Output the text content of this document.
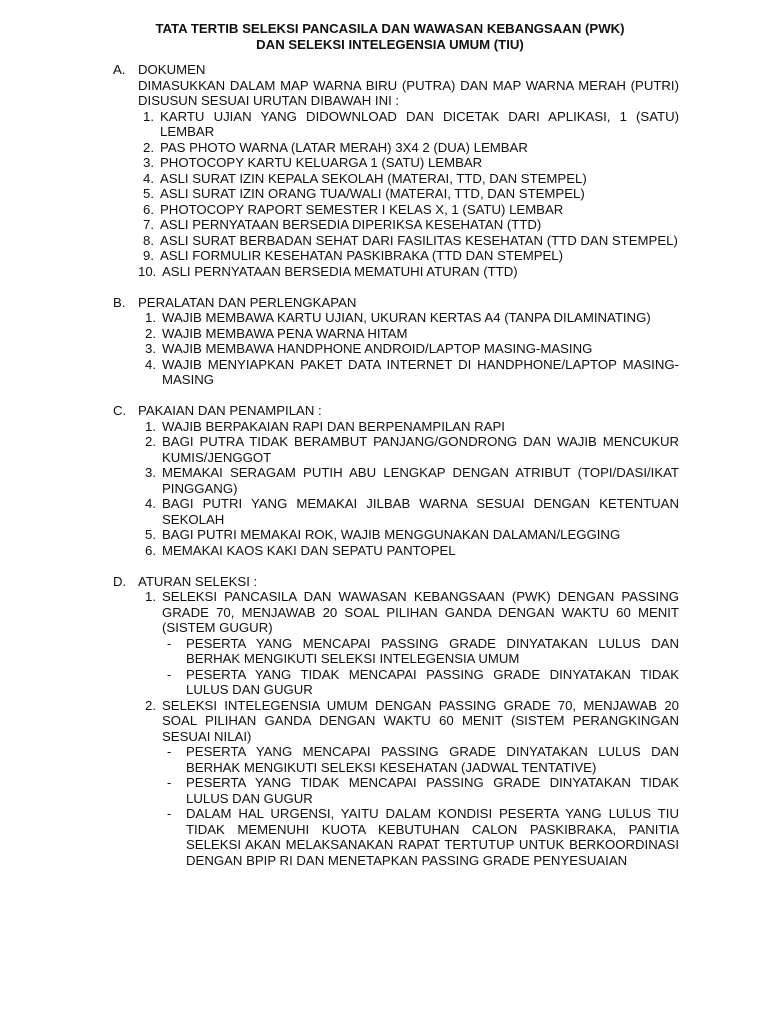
TATA TERTIB SELEKSI PANCASILA DAN WAWASAN KEBANGSAAN (PWK)
DAN SELEKSI INTELEGENSIA UMUM (TIU)
A. DOKUMEN
DIMASUKKAN DALAM MAP WARNA BIRU (PUTRA) DAN MAP WARNA MERAH (PUTRI) DISUSUN SESUAI URUTAN DIBAWAH INI :
1. KARTU UJIAN YANG DIDOWNLOAD DAN DICETAK DARI APLIKASI, 1 (SATU) LEMBAR
2. PAS PHOTO WARNA (LATAR MERAH) 3X4 2 (DUA) LEMBAR
3. PHOTOCOPY KARTU KELUARGA 1 (SATU) LEMBAR
4. ASLI SURAT IZIN KEPALA SEKOLAH (MATERAI, TTD, DAN STEMPEL)
5. ASLI SURAT IZIN ORANG TUA/WALI (MATERAI, TTD, DAN STEMPEL)
6. PHOTOCOPY RAPORT SEMESTER I KELAS X, 1 (SATU) LEMBAR
7. ASLI PERNYATAAN BERSEDIA DIPERIKSA KESEHATAN (TTD)
8. ASLI SURAT BERBADAN SEHAT DARI FASILITAS KESEHATAN (TTD DAN STEMPEL)
9. ASLI FORMULIR KESEHATAN PASKIBRAKA (TTD DAN STEMPEL)
10. ASLI PERNYATAAN BERSEDIA MEMATUHI ATURAN (TTD)
B. PERALATAN DAN PERLENGKAPAN
1. WAJIB MEMBAWA KARTU UJIAN, UKURAN KERTAS A4 (TANPA DILAMINATING)
2. WAJIB MEMBAWA PENA WARNA HITAM
3. WAJIB MEMBAWA HANDPHONE ANDROID/LAPTOP MASING-MASING
4. WAJIB MENYIAPKAN PAKET DATA INTERNET DI HANDPHONE/LAPTOP MASING-MASING
C. PAKAIAN DAN PENAMPILAN :
1. WAJIB BERPAKAIAN RAPI DAN BERPENAMPILAN RAPI
2. BAGI PUTRA TIDAK BERAMBUT PANJANG/GONDRONG DAN WAJIB MENCUKUR KUMIS/JENGGOT
3. MEMAKAI SERAGAM PUTIH ABU LENGKAP DENGAN ATRIBUT (TOPI/DASI/IKAT PINGGANG)
4. BAGI PUTRI YANG MEMAKAI JILBAB WARNA SESUAI DENGAN KETENTUAN SEKOLAH
5. BAGI PUTRI MEMAKAI ROK, WAJIB MENGGUNAKAN DALAMAN/LEGGING
6. MEMAKAI KAOS KAKI DAN SEPATU PANTOPEL
D. ATURAN SELEKSI :
1. SELEKSI PANCASILA DAN WAWASAN KEBANGSAAN (PWK) DENGAN PASSING GRADE 70, MENJAWAB 20 SOAL PILIHAN GANDA DENGAN WAKTU 60 MENIT (SISTEM GUGUR)
- PESERTA YANG MENCAPAI PASSING GRADE DINYATAKAN LULUS DAN BERHAK MENGIKUTI SELEKSI INTELEGENSIA UMUM
- PESERTA YANG TIDAK MENCAPAI PASSING GRADE DINYATAKAN TIDAK LULUS DAN GUGUR
2. SELEKSI INTELEGENSIA UMUM DENGAN PASSING GRADE 70, MENJAWAB 20 SOAL PILIHAN GANDA DENGAN WAKTU 60 MENIT (SISTEM PERANGKINGAN SESUAI NILAI)
- PESERTA YANG MENCAPAI PASSING GRADE DINYATAKAN LULUS DAN BERHAK MENGIKUTI SELEKSI KESEHATAN (JADWAL TENTATIVE)
- PESERTA YANG TIDAK MENCAPAI PASSING GRADE DINYATAKAN TIDAK LULUS DAN GUGUR
- DALAM HAL URGENSI, YAITU DALAM KONDISI PESERTA YANG LULUS TIU TIDAK MEMENUHI KUOTA KEBUTUHAN CALON PASKIBRAKA, PANITIA SELEKSI AKAN MELAKSANAKAN RAPAT TERTUTUP UNTUK BERKOORDINASI DENGAN BPIP RI DAN MENETAPKAN PASSING GRADE PENYESUAIAN
